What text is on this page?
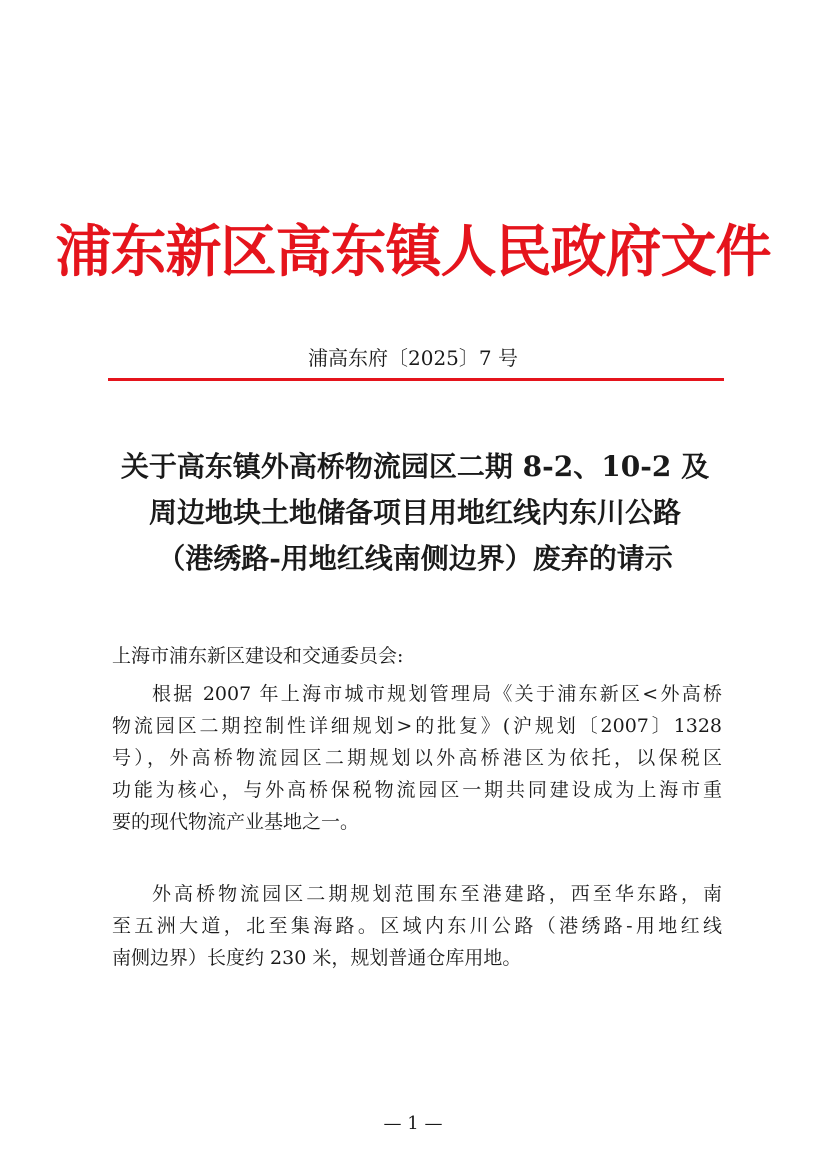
浦东新区高东镇人民政府文件
浦高东府〔2025〕7 号
关于高东镇外高桥物流园区二期 8-2、10-2 及
周边地块土地储备项目用地红线内东川公路
（港绣路-用地红线南侧边界）废弃的请示
上海市浦东新区建设和交通委员会:
根据 2007 年上海市城市规划管理局《关于浦东新区<外高桥
物流园区二期控制性详细规划>的批复》(沪规划〔2007〕1328
号），外高桥物流园区二期规划以外高桥港区为依托，以保税区
功能为核心，与外高桥保税物流园区一期共同建设成为上海市重
要的现代物流产业基地之一。
外高桥物流园区二期规划范围东至港建路，西至华东路，南
至五洲大道，北至集海路。区域内东川公路（港绣路-用地红线
南侧边界）长度约 230 米，规划普通仓库用地。
— 1 —
